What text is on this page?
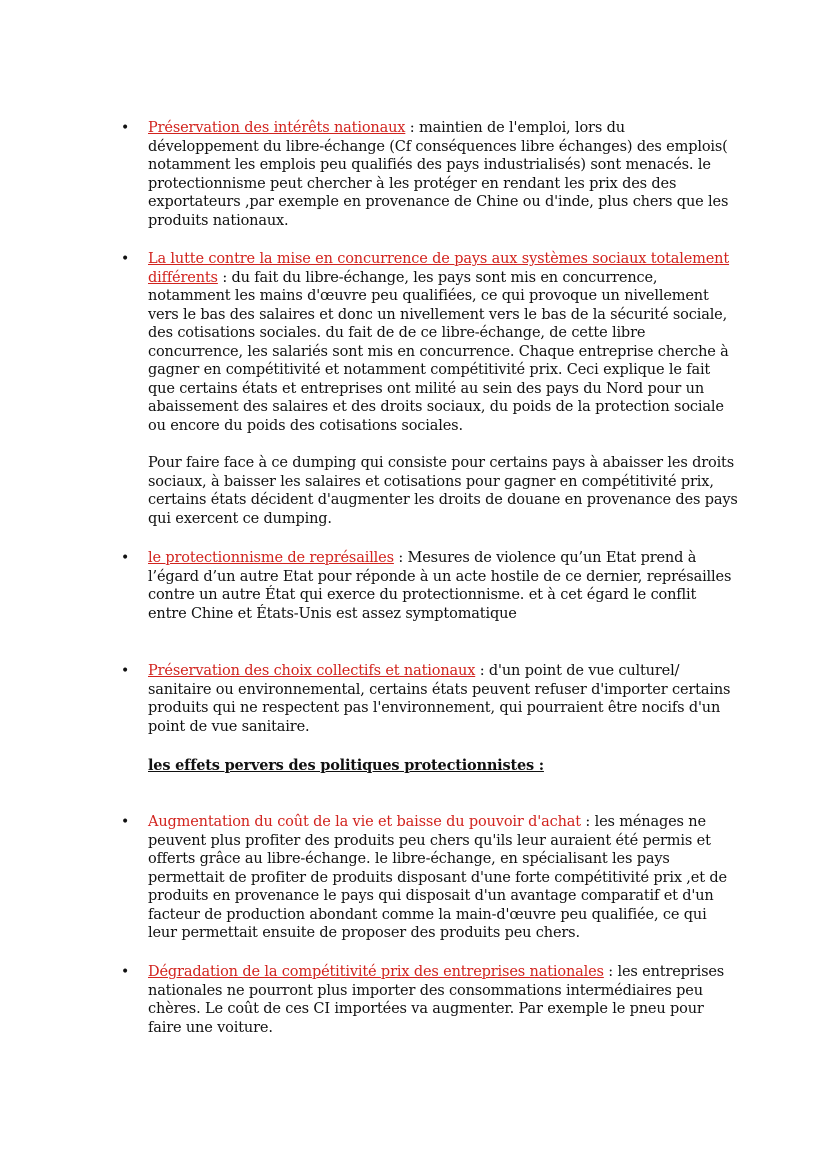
• Préservation des intérêts nationaux : maintien de l'emploi, lors du développement du libre-échange (Cf conséquences libre échanges) des emplois( notamment les emplois peu qualifiés des pays industrialisés) sont menacés. le protectionnisme peut chercher à les protéger en rendant les prix des des exportateurs ,par exemple en provenance de Chine ou d'inde, plus chers que les produits nationaux.
• La lutte contre la mise en concurrence de pays aux systèmes sociaux totalement différents : du fait du libre-échange, les pays sont mis en concurrence, notamment les mains d'œuvre peu qualifiées, ce qui provoque un nivellement vers le bas des salaires et donc un nivellement vers le bas de la sécurité sociale, des cotisations sociales. du fait de de ce libre-échange, de cette libre concurrence, les salariés sont mis en concurrence. Chaque entreprise cherche à gagner en compétitivité et notamment compétitivité prix. Ceci explique le fait que certains états et entreprises ont milité au sein des pays du Nord pour un abaissement des salaires et des droits sociaux, du poids de la protection sociale ou encore du poids des cotisations sociales.
Pour faire face à ce dumping qui consiste pour certains pays à abaisser les droits sociaux, à baisser les salaires et cotisations pour gagner en compétitivité prix, certains états décident d'augmenter les droits de douane en provenance des pays qui exercent ce dumping.
• le protectionnisme de représailles : Mesures de violence qu’un Etat prend à l’égard d’un autre Etat pour réponde à un acte hostile de ce dernier, représailles contre un autre État qui exerce du protectionnisme. et à cet égard le conflit entre Chine et États-Unis est assez symptomatique
• Préservation des choix collectifs et nationaux : d'un point de vue culturel/ sanitaire ou environnemental, certains états peuvent refuser d'importer certains produits qui ne respectent pas l'environnement, qui pourraient être nocifs d'un point de vue sanitaire.
les effets pervers des politiques protectionnistes :
• Augmentation du coût de la vie et baisse du pouvoir d'achat : les ménages ne peuvent plus profiter des produits peu chers qu'ils leur auraient été permis et offerts grâce au libre-échange. le libre-échange, en spécialisant les pays permettait de profiter de produits disposant d'une forte compétitivité prix ,et de produits en provenance le pays qui disposait d'un avantage comparatif et d'un facteur de production abondant comme la main-d'œuvre peu qualifiée, ce qui leur permettait ensuite de proposer des produits peu chers.
• Dégradation de la compétitivité prix des entreprises nationales : les entreprises nationales ne pourront plus importer des consommations intermédiaires peu chères. Le coût de ces CI importées va augmenter. Par exemple le pneu pour faire une voiture.
